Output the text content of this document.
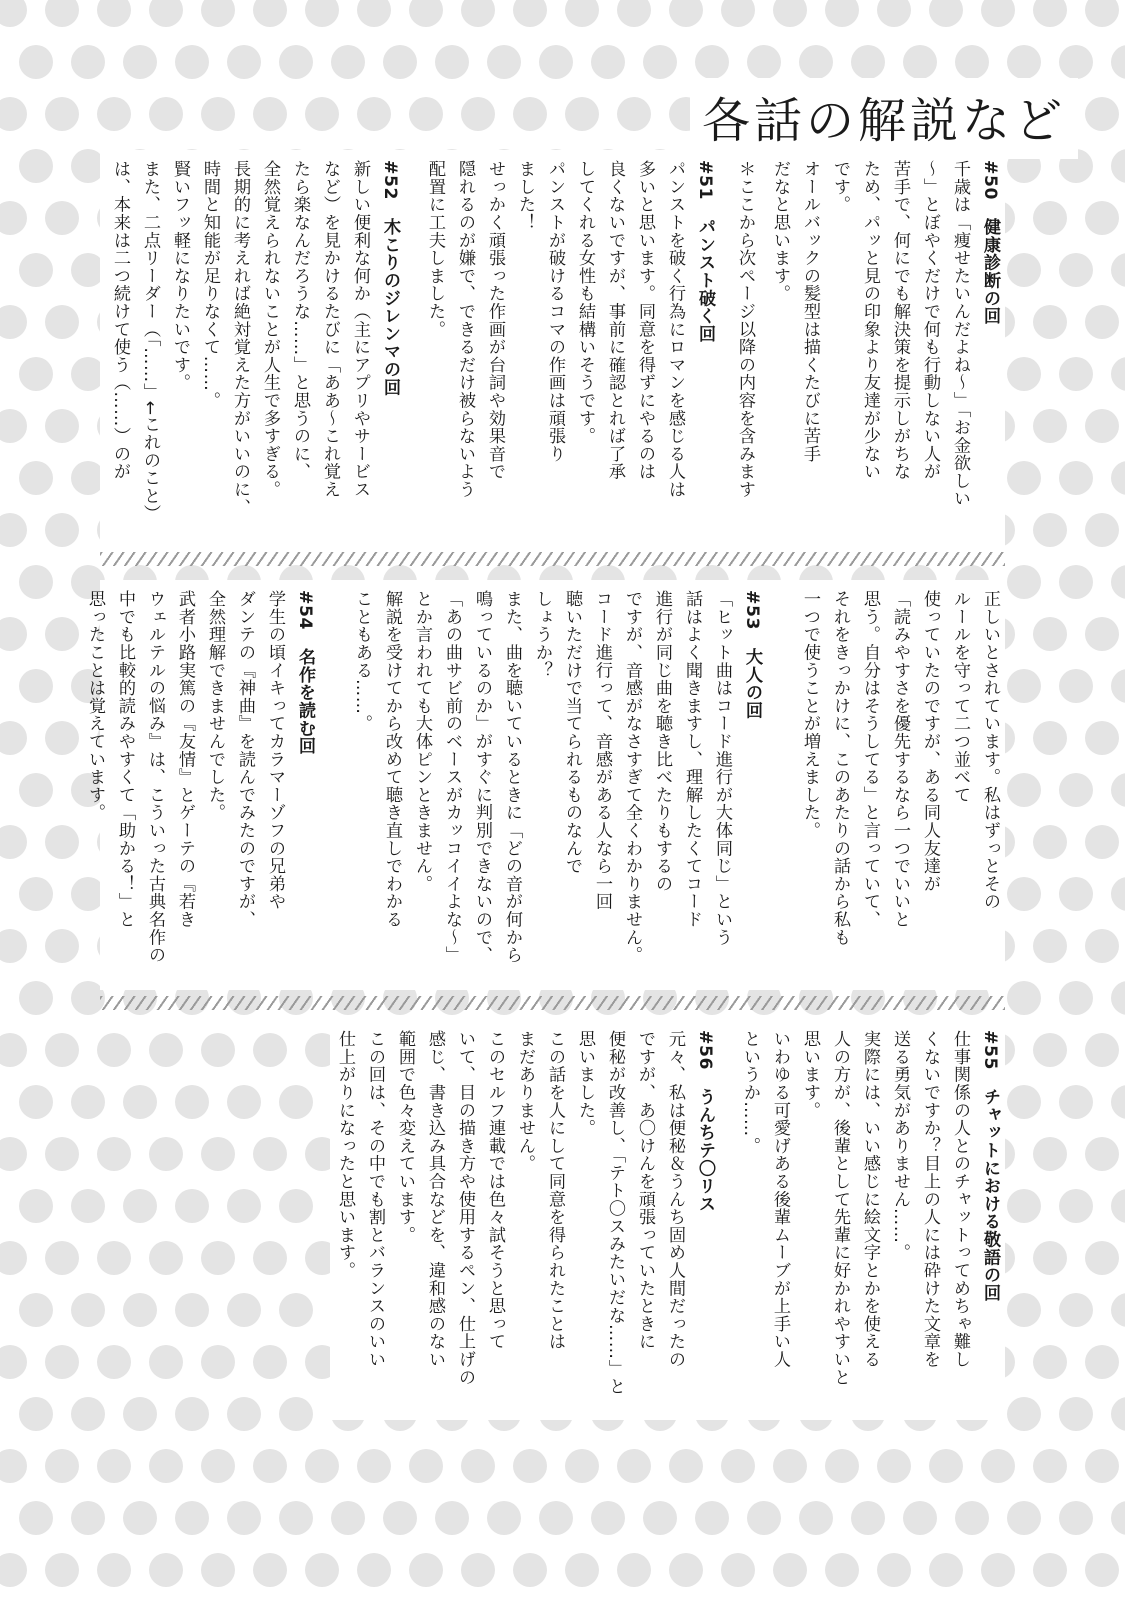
各話の解説など
#50　健康診断の回
千歳は「痩せたいんだよね〜」「お金欲しい
〜」とぼやくだけで何も行動しない人が
苦手で、何にでも解決策を提示しがちな
ため、パッと見の印象より友達が少ない
です。
オールバックの髪型は描くたびに苦手
だなと思います。
＊ここから次ページ以降の内容を含みます
#51　パンスト破く回
パンストを破く行為にロマンを感じる人は
多いと思います。同意を得ずにやるのは
良くないですが、事前に確認とれば了承
してくれる女性も結構いそうです。
パンストが破けるコマの作画は頑張り
ました！
せっかく頑張った作画が台詞や効果音で
隠れるのが嫌で、できるだけ被らないよう
配置に工夫しました。
#52　木こりのジレンマの回
新しい便利な何か（主にアプリやサービス
など）を見かけるたびに「ああ〜これ覚え
たら楽なんだろうな……」と思うのに、
全然覚えられないことが人生で多すぎる。
長期的に考えれば絶対覚えた方がいいのに、
時間と知能が足りなくて……。
賢いフッ軽になりたいです。
また、二点リーダー（「……」←これのこと）
は、本来は二つ続けて使う（……）のが
正しいとされています。私はずっとその
ルールを守って二つ並べて
使っていたのですが、ある同人友達が
「読みやすさを優先するなら一つでいいと
思う。自分はそうしてる」と言っていて、
それをきっかけに、このあたりの話から私も
一つで使うことが増えました。
#53　大人の回
「ヒット曲はコード進行が大体同じ」という
話はよく聞きますし、理解したくてコード
進行が同じ曲を聴き比べたりもするの
ですが、音感がなさすぎて全くわかりません。
コード進行って、音感がある人なら一回
聴いただけで当てられるものなんで
しょうか？
また、曲を聴いているときに「どの音が何から
鳴っているのか」がすぐに判別できないので、
「あの曲サビ前のベースがカッコイイよな〜」
とか言われても大体ピンときません。
解説を受けてから改めて聴き直しでわかる
こともある……。
#54　名作を読む回
学生の頃イキってカラマーゾフの兄弟や
ダンテの『神曲』を読んでみたのですが、
全然理解できませんでした。
武者小路実篤の『友情』とゲーテの『若き
ウェルテルの悩み』は、こういった古典名作の
中でも比較的読みやすくて「助かる！」と
思ったことは覚えています。
#55　チャットにおける敬語の回
仕事関係の人とのチャットってめちゃ難し
くないですか？目上の人には砕けた文章を
送る勇気がありません……。
実際には、いい感じに絵文字とかを使える
人の方が、後輩として先輩に好かれやすいと
思います。
いわゆる可愛げある後輩ムーブが上手い人
というか……。
#56　うんちテ〇リス
元々、私は便秘＆うんち固め人間だったの
ですが、あ〇けんを頑張っていたときに
便秘が改善し、「テト〇スみたいだな……」と
思いました。
この話を人にして同意を得られたことは
まだありません。
このセルフ連載では色々試そうと思って
いて、目の描き方や使用するペン、仕上げの
感じ、書き込み具合などを、違和感のない
範囲で色々変えています。
この回は、その中でも割とバランスのいい
仕上がりになったと思います。
